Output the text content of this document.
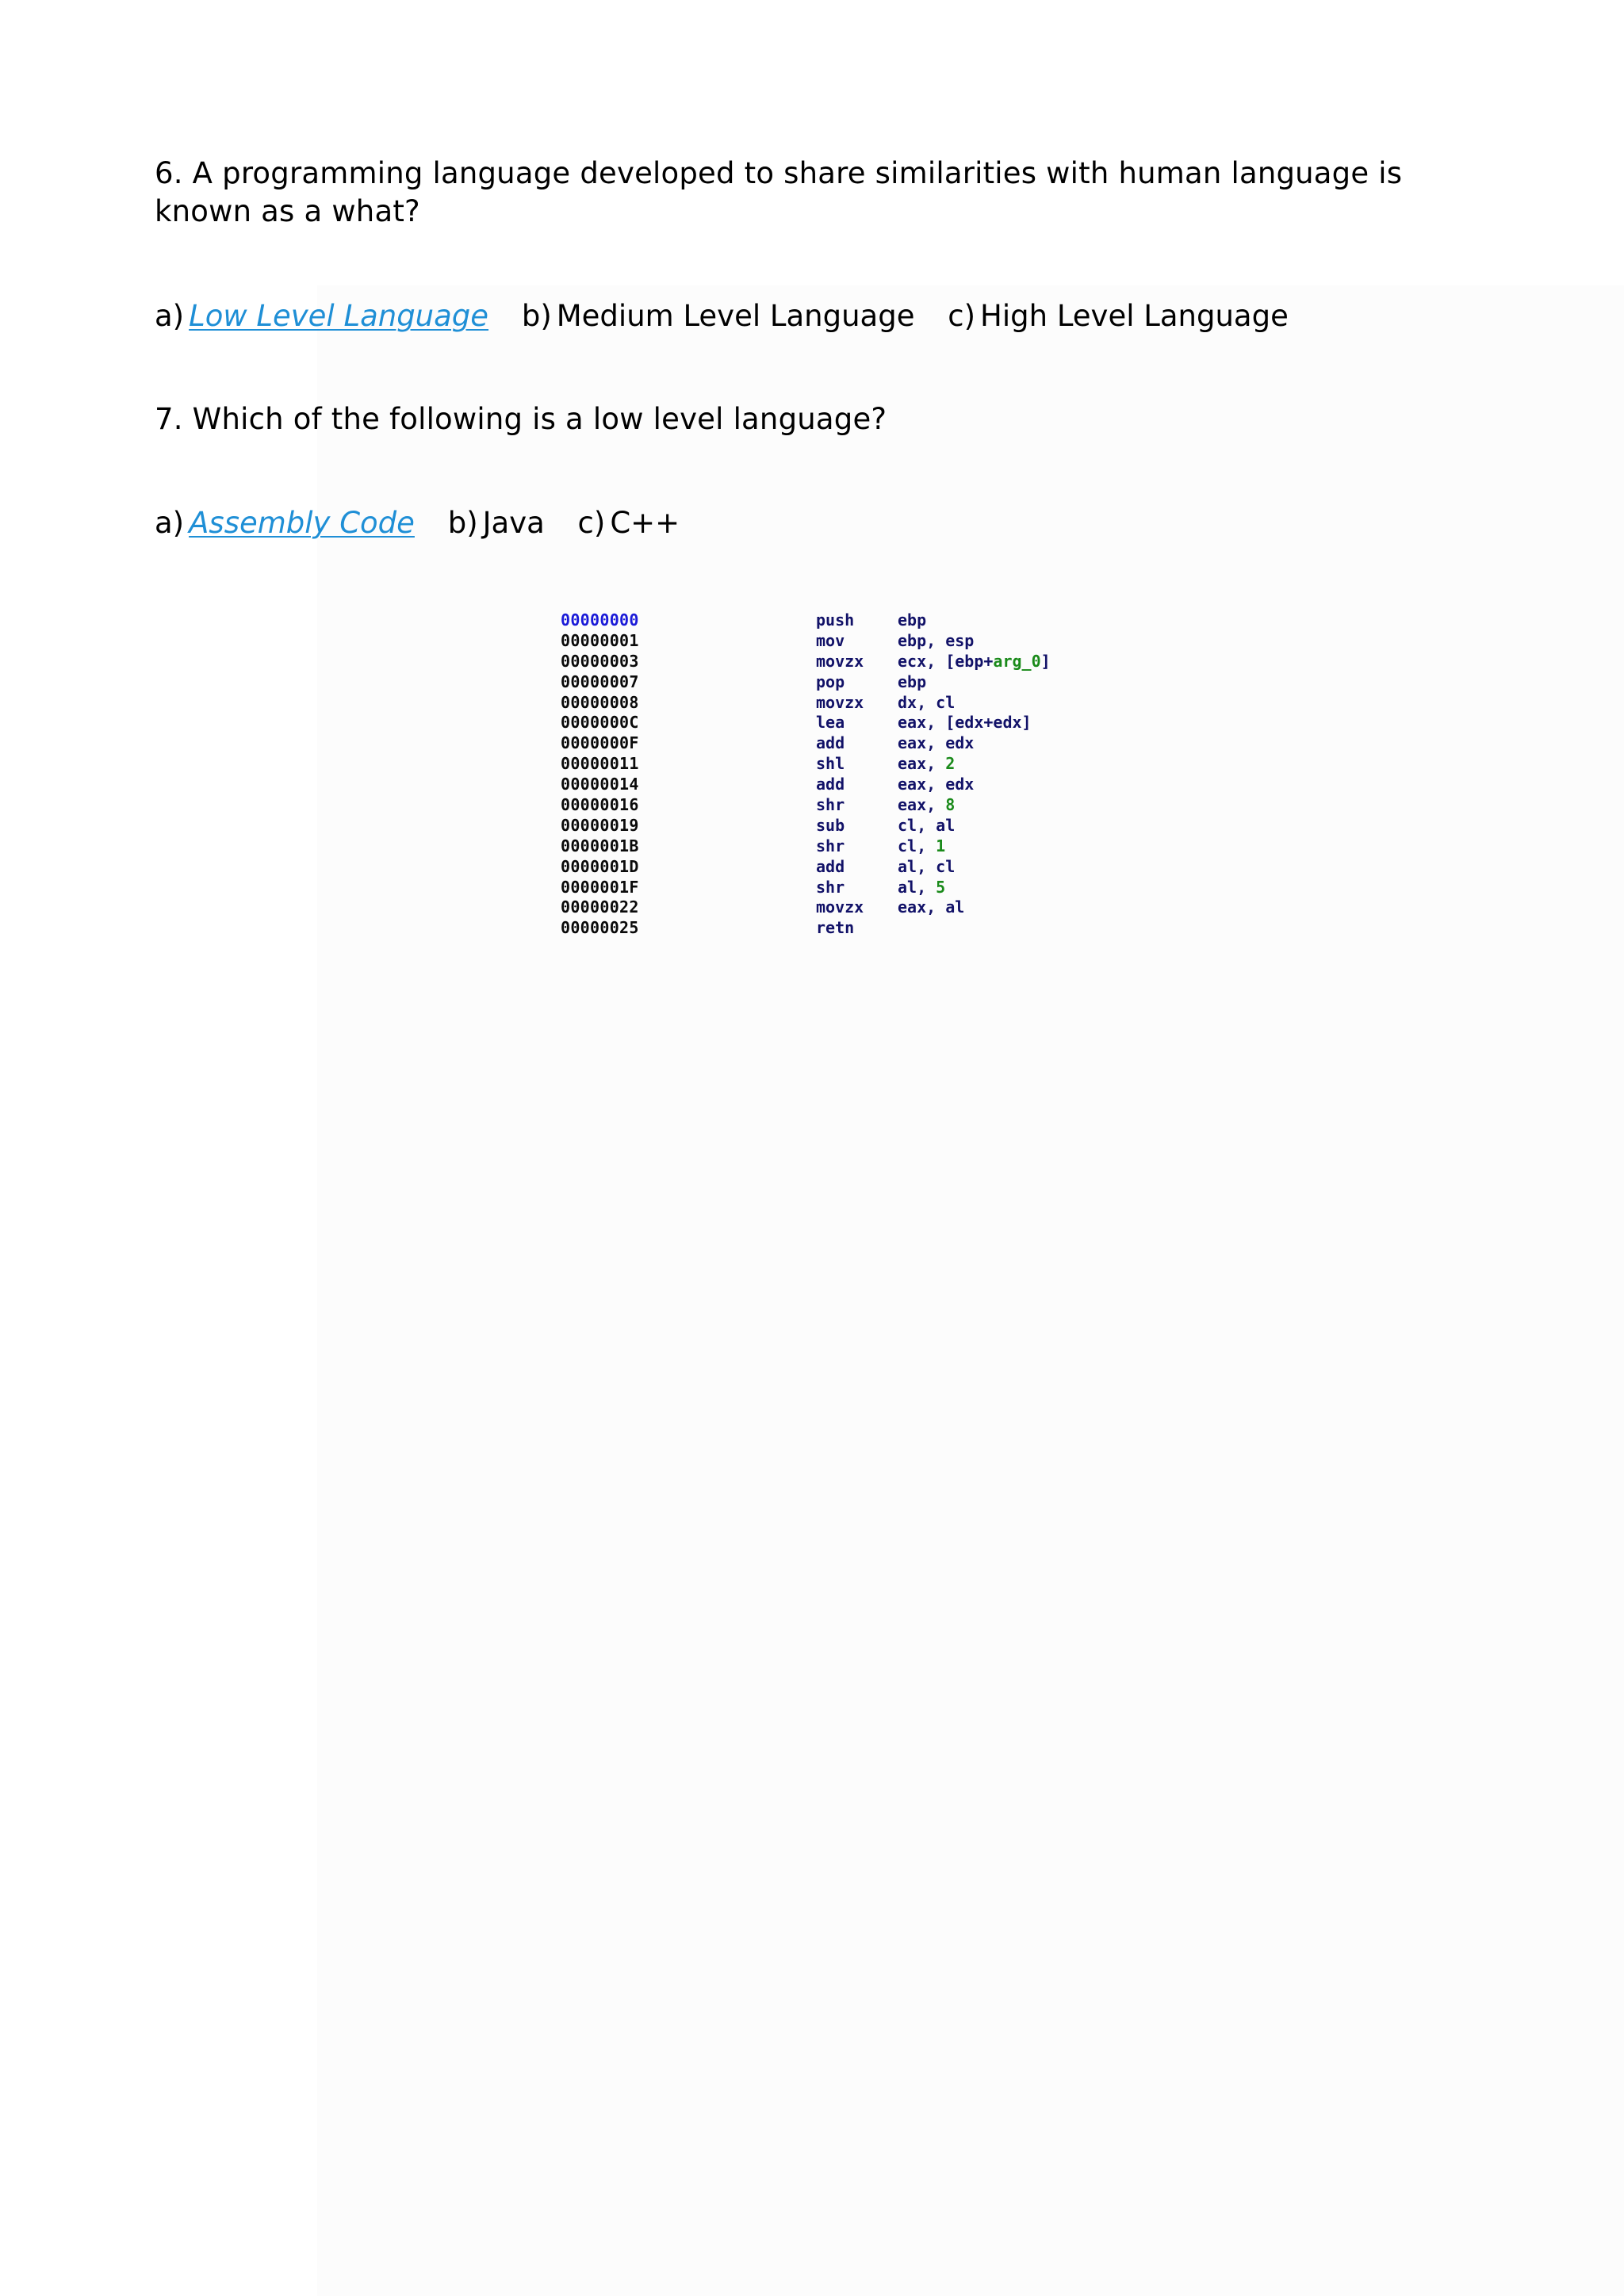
6. A programming language developed to share similarities with human language is known as a what?
a) Low Level Language b) Medium Level Language c) High Level Language
7. Which of the following is a low level language?
a) Assembly Code b) Java c) C++
00000000	push	ebp
00000001	mov	ebp, esp
00000003	movzx	ecx, [ebp+arg_0]
00000007	pop	ebp
00000008	movzx	dx, cl
0000000C	lea	eax, [edx+edx]
0000000F	add	eax, edx
00000011	shl	eax, 2
00000014	add	eax, edx
00000016	shr	eax, 8
00000019	sub	cl, al
0000001B	shr	cl, 1
0000001D	add	al, cl
0000001F	shr	al, 5
00000022	movzx	eax, al
00000025	retn
